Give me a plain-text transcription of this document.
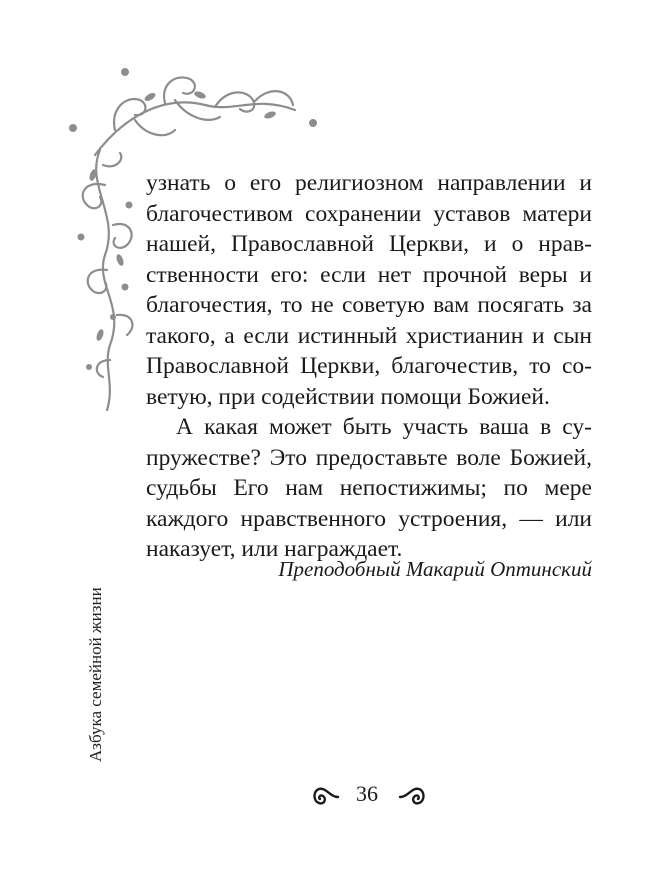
узнать о его религиозном направлении и
благочестивом сохранении уставов матери
нашей, Православной Церкви, и о нрав-
ственности его: если нет прочной веры и
благочестия, то не советую вам посягать за
такого, а если истинный христианин и сын
Православной Церкви, благочестив, то со-
ветую, при содействии помощи Божией.

А какая может быть участь ваша в су-
пружестве? Это предоставьте воле Божией,
судьбы Его нам непостижимы; по мере
каждого нравственного устроения, — или
наказует, или награждает.

Преподобный Макарий Оптинский
Азбука семейной жизни
36
